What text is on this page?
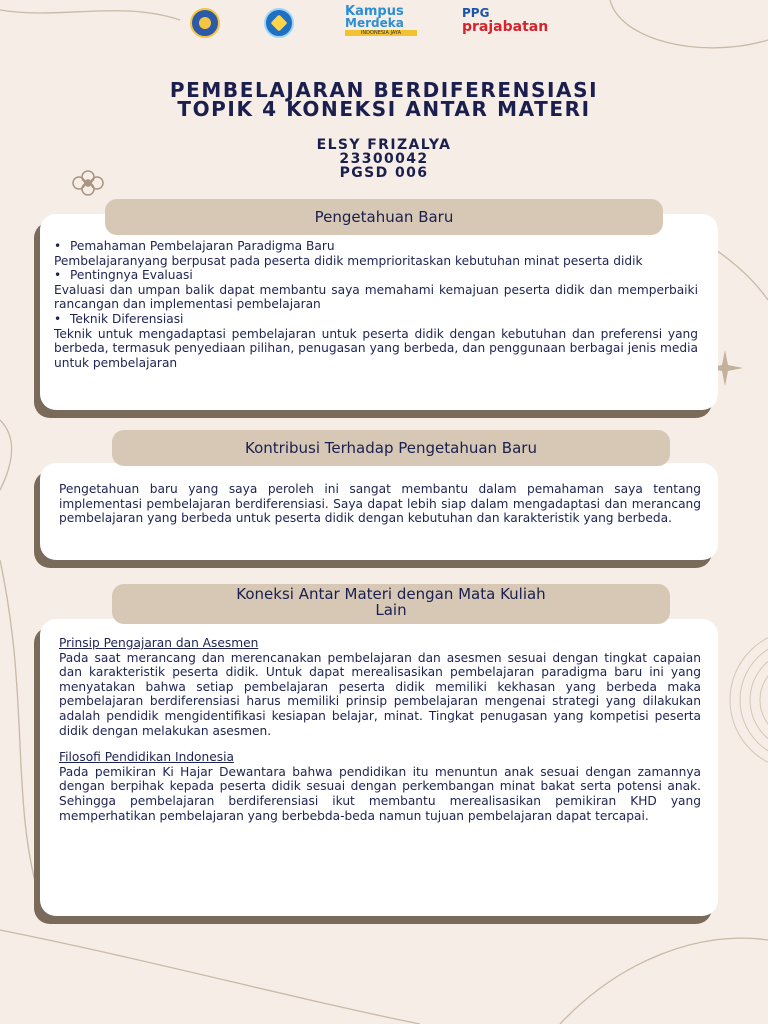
Kampus
Merdeka
INDONESIA JAYA
PPG
prajabatan
PEMBELAJARAN BERDIFERENSIASI
TOPIK 4 KONEKSI ANTAR MATERI
ELSY FRIZALYA
23300042
PGSD 006
Pengetahuan Baru

• Pemahaman Pembelajaran Paradigma Baru

Pembelajaranyang berpusat pada peserta didik memprioritaskan kebutuhan minat peserta didik

• Pentingnya Evaluasi

Evaluasi dan umpan balik dapat membantu saya memahami kemajuan peserta didik dan memperbaiki rancangan dan implementasi pembelajaran

• Teknik Diferensiasi

Teknik untuk mengadaptasi pembelajaran untuk peserta didik dengan kebutuhan dan preferensi yang berbeda, termasuk penyediaan pilihan, penugasan yang berbeda, dan penggunaan berbagai jenis media untuk pembelajaran

Kontribusi Terhadap Pengetahuan Baru

Pengetahuan baru yang saya peroleh ini sangat membantu dalam pemahaman saya tentang implementasi pembelajaran berdiferensiasi. Saya dapat lebih siap dalam mengadaptasi dan merancang pembelajaran yang berbeda untuk peserta didik dengan kebutuhan dan karakteristik yang berbeda.

Koneksi Antar Materi dengan Mata Kuliah
Lain

Prinsip Pengajaran dan Asesmen

Pada saat merancang dan merencanakan pembelajaran dan asesmen sesuai dengan tingkat capaian dan karakteristik peserta didik. Untuk dapat merealisasikan pembelajaran paradigma baru ini yang menyatakan bahwa setiap pembelajaran peserta didik memiliki kekhasan yang berbeda maka pembelajaran berdiferensiasi harus memiliki prinsip pembelajaran mengenai strategi yang dilakukan adalah pendidik mengidentifikasi kesiapan belajar, minat. Tingkat penugasan yang kompetisi peserta didik dengan melakukan asesmen.

Filosofi Pendidikan Indonesia

Pada pemikiran Ki Hajar Dewantara bahwa pendidikan itu menuntun anak sesuai dengan zamannya dengan berpihak kepada peserta didik sesuai dengan perkembangan minat bakat serta potensi anak. Sehingga pembelajaran berdiferensiasi ikut membantu merealisasikan pemikiran KHD yang memperhatikan pembelajaran yang berbebda-beda namun tujuan pembelajaran dapat tercapai.
